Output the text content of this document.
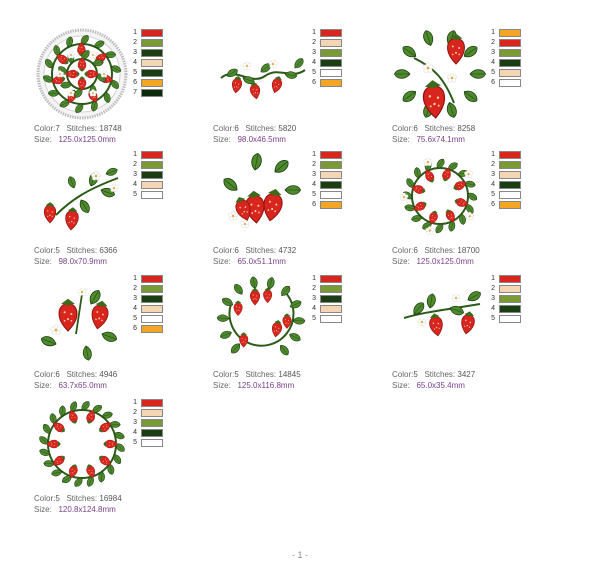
1
2
3
4
5
6
7
Color:7 Stitches: 18748
Size: 125.0x125.0mm
1
2
3
4
5
6
Color:6 Stitches: 5820
Size: 98.0x46.5mm
1
2
3
4
5
6
Color:6 Stitches: 8258
Size: 75.6x74.1mm
1
2
3
4
5
Color:5 Stitches: 6366
Size: 98.0x70.9mm
1
2
3
4
5
6
Color:6 Stitches: 4732
Size: 65.0x51.1mm
1
2
3
4
5
6
Color:6 Stitches: 18700
Size: 125.0x125.0mm
1
2
3
4
5
6
Color:6 Stitches: 4946
Size: 63.7x65.0mm
1
2
3
4
5
Color:5 Stitches: 14845
Size: 125.0x116.8mm
1
2
3
4
5
Color:5 Stitches: 3427
Size: 65.0x35.4mm
1
2
3
4
5
Color:5 Stitches: 16984
Size: 120.8x124.8mm
- 1 -
